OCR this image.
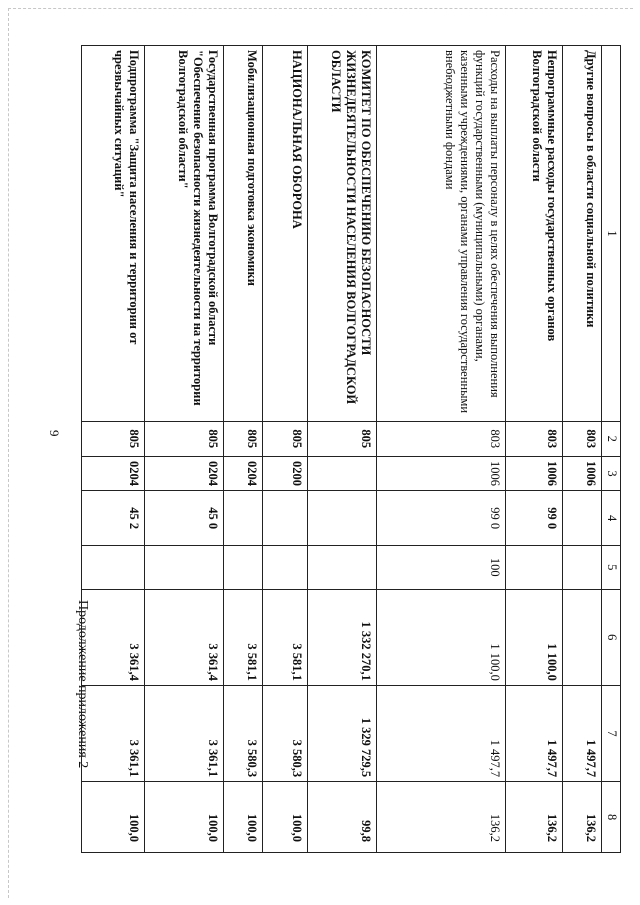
9
Продолжение приложения 2
1	2	3	4	5	6	7	8
Другие вопросы в области социальной политики	803	1006				1 497,7	136,2
Непрограммные расходы государственных органов Волгоградской области	803	1006	99 0		1 100,0	1 497,7	136,2
Расходы на выплаты персоналу в целях обеспечения выполнения функций государственными (муниципальными) органами, казенными учреждениями, органами управления государственными внебюджетными фондами	803	1006	99 0	100	1 100,0	1 497,7	136,2
КОМИТЕТ ПО ОБЕСПЕЧЕНИЮ БЕЗОПАСНОСТИ ЖИЗНЕДЕЯТЕЛЬНОСТИ НАСЕЛЕНИЯ ВОЛГОГРАДСКОЙ ОБЛАСТИ	805				1 332 270,1	1 329 729,5	99,8
НАЦИОНАЛЬНАЯ ОБОРОНА	805	0200			3 581,1	3 580,3	100,0
Мобилизационная подготовка экономики	805	0204			3 581,1	3 580,3	100,0
Государственная программа Волгоградской области "Обеспечение безопасности жизнедеятельности на территории Волгоградской области"	805	0204	45 0		3 361,4	3 361,1	100,0
Подпрограмма "Защита населения и территории от чрезвычайных ситуаций"	805	0204	45 2		3 361,4	3 361,1	100,0
